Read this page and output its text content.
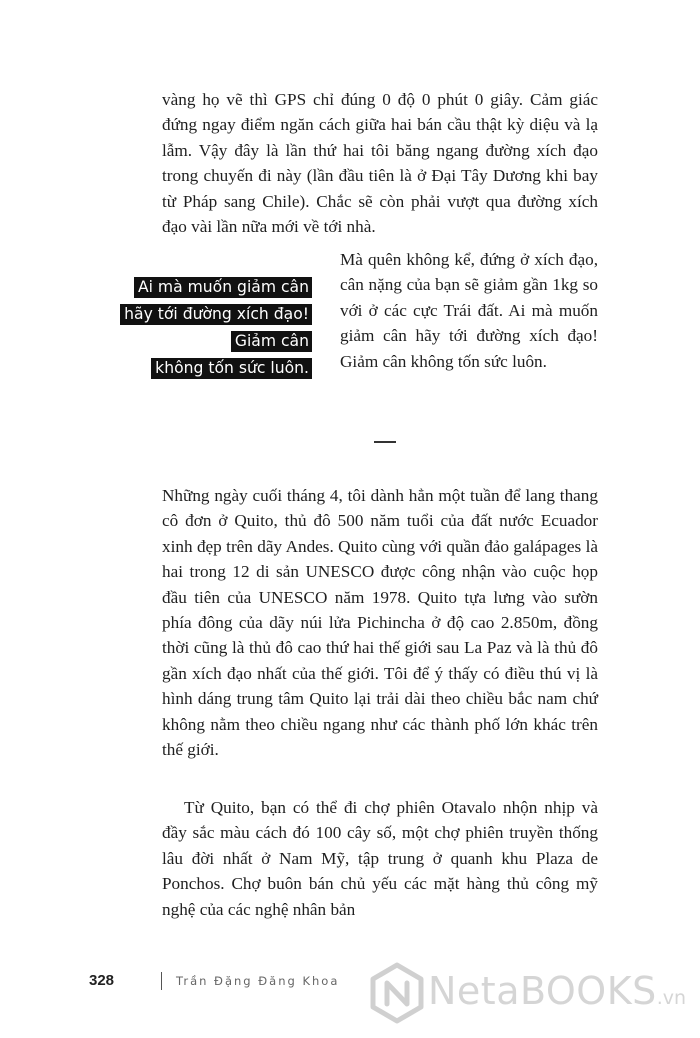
vàng họ vẽ thì GPS chỉ đúng 0 độ 0 phút 0 giây. Cảm giác đứng ngay điểm ngăn cách giữa hai bán cầu thật kỳ diệu và lạ lẫm. Vậy đây là lần thứ hai tôi băng ngang đường xích đạo trong chuyến đi này (lần đầu tiên là ở Đại Tây Dương khi bay từ Pháp sang Chile). Chắc sẽ còn phải vượt qua đường xích đạo vài lần nữa mới về tới nhà.

Ai mà muốn giảm cân
hãy tới đường xích đạo!
Giảm cân
không tốn sức luôn.

Mà quên không kể, đứng ở xích đạo, cân nặng của bạn sẽ giảm gần 1kg so với ở các cực Trái đất. Ai mà muốn giảm cân hãy tới đường xích đạo! Giảm cân không tốn sức luôn.

Những ngày cuối tháng 4, tôi dành hẳn một tuần để lang thang cô đơn ở Quito, thủ đô 500 năm tuổi của đất nước Ecuador xinh đẹp trên dãy Andes. Quito cùng với quần đảo galápages là hai trong 12 di sản UNESCO được công nhận vào cuộc họp đầu tiên của UNESCO năm 1978. Quito tựa lưng vào sườn phía đông của dãy núi lửa Pichincha ở độ cao 2.850m, đồng thời cũng là thủ đô cao thứ hai thế giới sau La Paz và là thủ đô gần xích đạo nhất của thế giới. Tôi để ý thấy có điều thú vị là hình dáng trung tâm Quito lại trải dài theo chiều bắc nam chứ không nằm theo chiều ngang như các thành phố lớn khác trên thế giới.

Từ Quito, bạn có thể đi chợ phiên Otavalo nhộn nhịp và đầy sắc màu cách đó 100 cây số, một chợ phiên truyền thống lâu đời nhất ở Nam Mỹ, tập trung ở quanh khu Plaza de Ponchos. Chợ buôn bán chủ yếu các mặt hàng thủ công mỹ nghệ của các nghệ nhân bản

328	Trần Đặng Đăng Khoa NetaBOOKS.vn
